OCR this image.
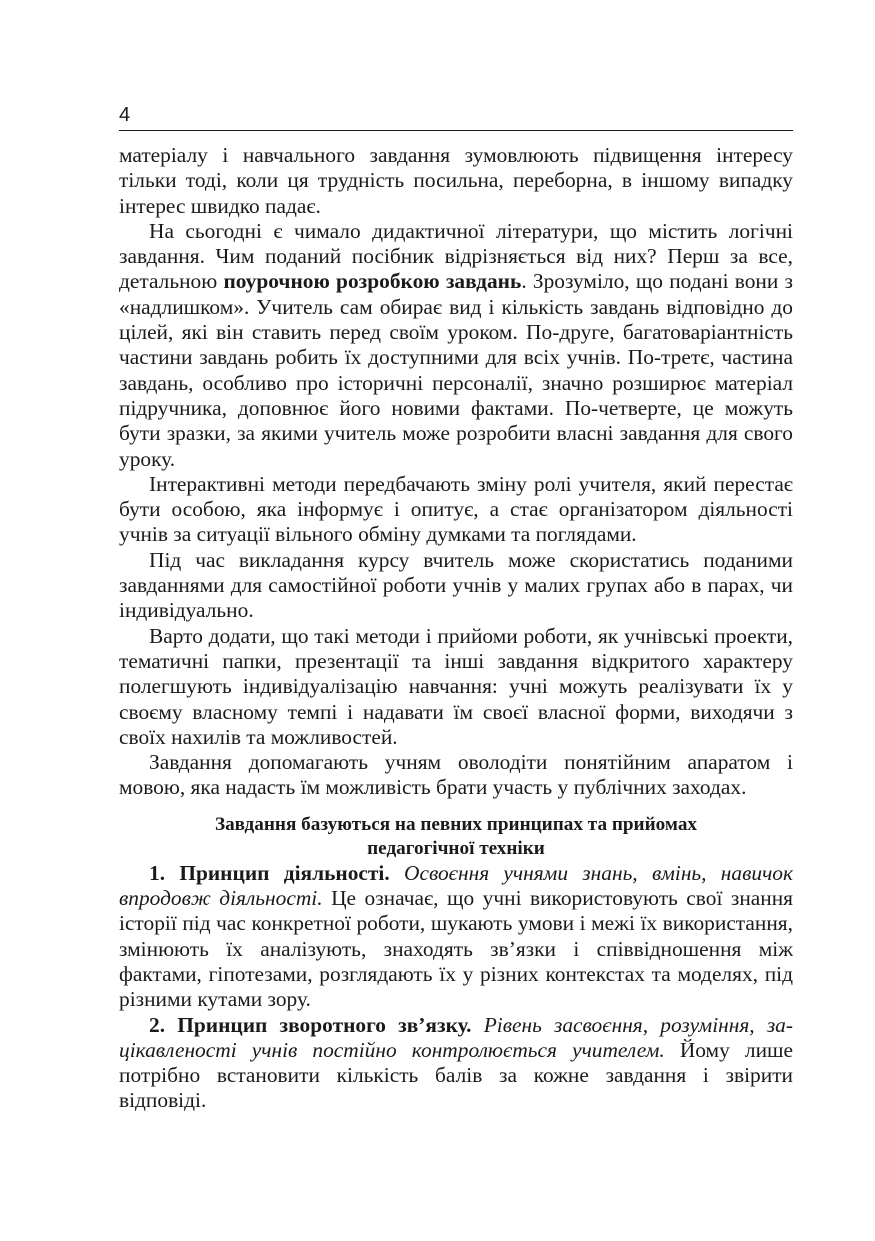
4

матеріалу і навчального завдання зумовлюють підвищення інтересу тільки тоді, коли ця трудність посильна, переборна, в іншому випадку інтерес швидко падає.

На сьогодні є чимало дидактичної літератури, що містить логічні завдання. Чим поданий посібник відрізняється від них? Перш за все, детальною поурочною розробкою завдань. Зрозуміло, що подані вони з «надлишком». Учитель сам обирає вид і кількість завдань відповідно до цілей, які він ставить перед своїм уроком. По-друге, багатоваріантність частини завдань робить їх доступними для всіх учнів. По-третє, частина завдань, особливо про історичні персоналії, значно розширює матеріал підручника, доповнює його новими фактами. По-четверте, це можуть бути зразки, за якими учитель може розробити власні завдання для свого уроку.

Інтерактивні методи передбачають зміну ролі учителя, який перестає бути особою, яка інформує і опитує, а стає організатором діяльності учнів за ситуації вільного обміну думками та поглядами.

Під час викладання курсу вчитель може скористатись поданими завданнями для самостійної роботи учнів у малих групах або в парах, чи індивідуально.

Варто додати, що такі методи і прийоми роботи, як учнівські проекти, тематичні папки, презентації та інші завдання відкритого характеру полегшують індивідуалізацію навчання: учні можуть реалізувати їх у своєму власному темпі і надавати їм своєї власної форми, виходячи з своїх нахилів та можливостей.

Завдання допомагають учням оволодіти понятійним апаратом і мовою, яка надасть їм можливість брати участь у публічних заходах.

Завдання базуються на певних принципах та прийомах
педагогічної техніки

1. Принцип діяльності. Освоєння учнями знань, вмінь, навичок впродовж діяльності. Це означає, що учні використовують свої знання історії під час конкретної роботи, шукають умови і межі їх використання, змінюють їх аналізують, знаходять зв’язки і співвідношення між фактами, гіпотезами, розглядають їх у різних контекстах та моделях, під різними кутами зору.

2. Принцип зворотного зв’язку. Рівень засвоєння, розуміння, зацікавленості учнів постійно контролюється учителем. Йому лише потрібно встановити кількість балів за кожне завдання і звірити відповіді.
